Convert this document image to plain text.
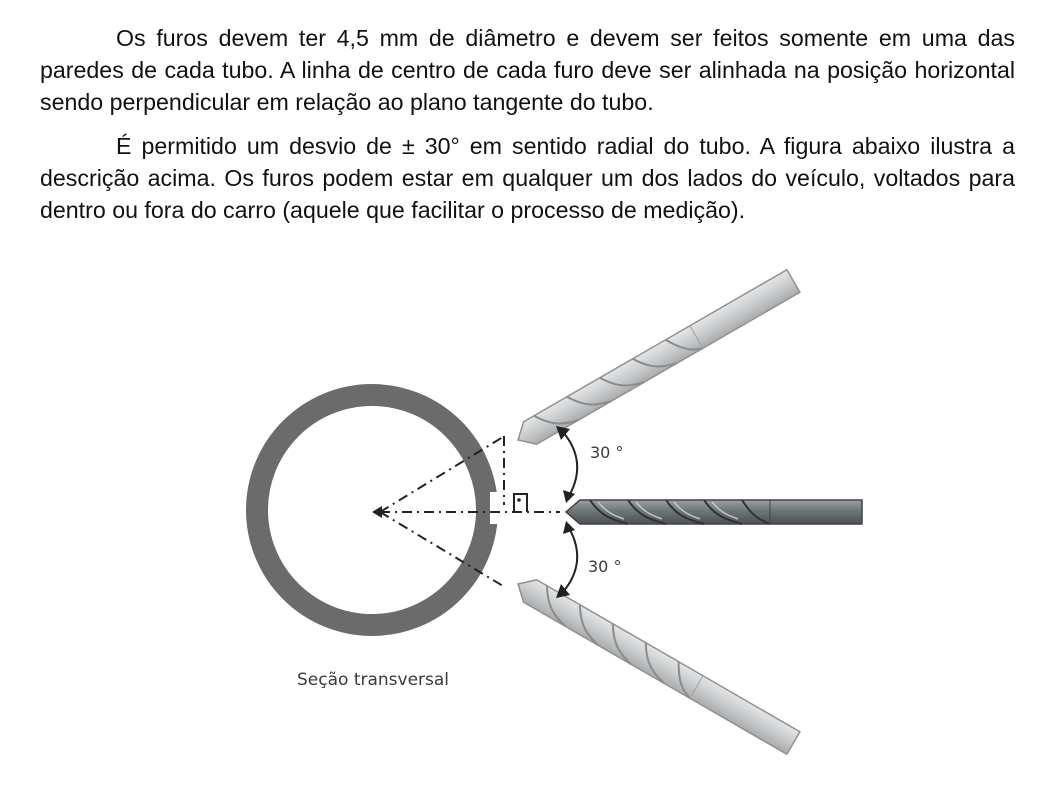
Os furos devem ter 4,5 mm de diâmetro e devem ser feitos somente em uma das paredes de cada tubo. A linha de centro de cada furo deve ser alinhada na posição horizontal sendo perpendicular em relação ao plano tangente do tubo.

É permitido um desvio de ± 30° em sentido radial do tubo. A figura abaixo ilustra a descrição acima. Os furos podem estar em qualquer um dos lados do veículo, voltados para dentro ou fora do carro (aquele que facilitar o processo de medição).

30 °
30 °
Seção transversal
